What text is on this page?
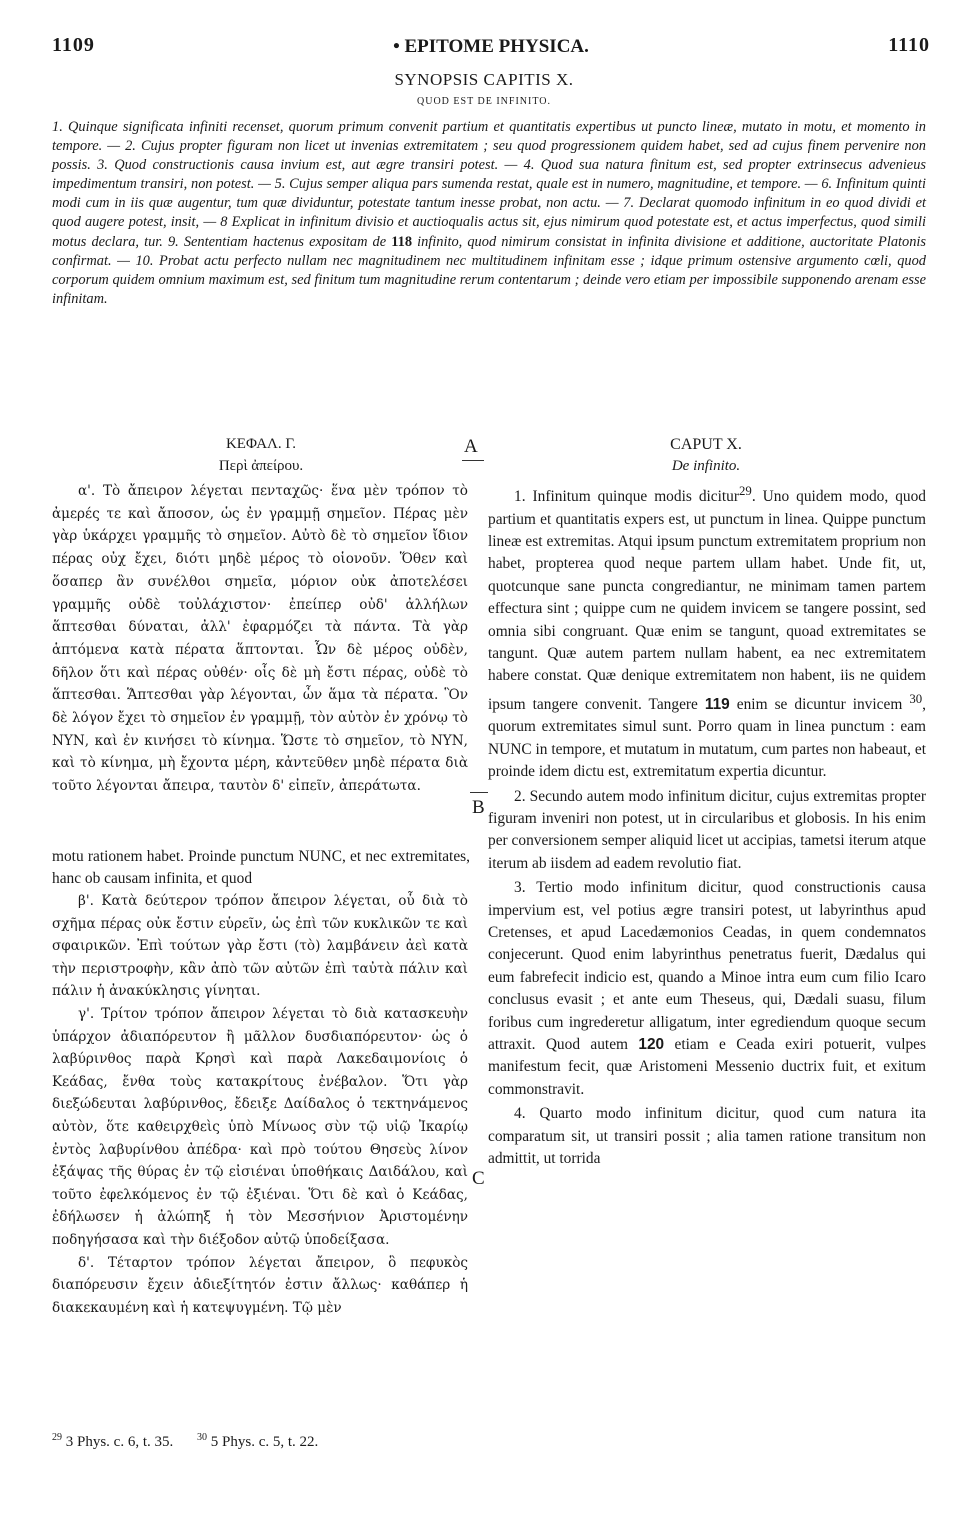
1109	• EPITOME PHYSICA.	1110
SYNOPSIS CAPITIS X.
QUOD EST DE INFINITO.
1. Quinque significata infiniti recenset, quorum primum convenit partium et quantitatis expertibus ut puncto lineæ, mutato in motu, et momento in tempore. — 2. Cujus propter figuram non licet ut invenias extremitatem ; seu quod progressionem quidem habet, sed ad cujus finem pervenire non possis. 3. Quod constructionis causa invium est, aut ægre transiri potest. — 4. Quod sua natura finitum est, sed propter extrinsecus advenieus impedimentum transiri, non potest. — 5. Cujus semper aliqua pars sumenda restat, quale est in numero, magnitudine, et tempore. — 6. Infinitum quinti modi cum in iis quæ augentur, tum quæ dividuntur, potestate tantum inesse probat, non actu. — 7. Declarat quomodo infinitum in eo quod dividi et quod augere potest, insit, — 8 Explicat in infinitum divisio et auctioqualis actus sit, ejus nimirum quod potestate est, et actus imperfectus, quod simili motus declara, tur. 9. Sententiam hactenus expositam de 118 infinito, quod nimirum consistat in infinita divisione et additione, auctoritate Platonis confirmat. — 10. Probat actu perfecto nullam nec magnitudinem nec multitudinem infinitam esse ; idque primum ostensive argumento cœli, quod corporum quidem omnium maximum est, sed finitum tum magnitudine rerum contentarum ; deinde vero etiam per impossibile supponendo arenam esse infinitam.
ΚΕΦΑΛ. Γ.
Περὶ ἀπείρου.
CAPUT X.
De infinito.
A
B
C

α'. Τὸ ἄπειρον λέγεται πενταχῶς· ἕνα μὲν τρόπον τὸ ἀμερές τε καὶ ἄποσον, ὡς ἐν γραμμῇ σημεῖον. Πέρας μὲν γὰρ ὑκάρχει γραμμῆς τὸ σημεῖον. Αὐτὸ δὲ τὸ σημεῖον ἴδιον πέρας οὐχ ἔχει, διότι μηδὲ μέρος τὸ οἱονοῦν. Ὅθεν καὶ ὅσαπερ ἂν συνέλθοι σημεῖα, μόριον οὐκ ἀποτελέσει γραμμῆς οὐδὲ τοὐλάχιστον· ἐπείπερ οὐδ' ἀλλήλων ἅπτεσθαι δύναται, ἀλλ' ἐφαρμόζει τὰ πάντα. Τὰ γὰρ ἁπτόμενα κατὰ πέρατα ἅπτονται. Ὧν δὲ μέρος οὐδὲν, δῆλον ὅτι καὶ πέρας οὐθέν· οἷς δὲ μὴ ἔστι πέρας, οὐδὲ τὸ ἅπτεσθαι. Ἅπτεσθαι γὰρ λέγονται, ὧν ἅμα τὰ πέρατα. Ὃν δὲ λόγον ἔχει τὸ σημεῖον ἐν γραμμῇ, τὸν αὐτὸν ἐν χρόνῳ τὸ ΝΥΝ, καὶ ἐν κινήσει τὸ κίνημα. Ὥστε τὸ σημεῖον, τὸ ΝΥΝ, καὶ τὸ κίνημα, μὴ ἔχοντα μέρη, κἀντεῦθεν μηδὲ πέρατα διὰ τοῦτο λέγονται ἄπειρα, ταυτὸν δ' εἰπεῖν, ἀπεράτωτα.

motu rationem habet. Proinde punctum NUNC, et nec extremitates, hanc ob causam infinita, et quod

β'. Κατὰ δεύτερον τρόπον ἄπειρον λέγεται, οὗ διὰ τὸ σχῆμα πέρας οὐκ ἔστιν εὑρεῖν, ὡς ἐπὶ τῶν κυκλικῶν τε καὶ σφαιρικῶν. Ἐπὶ τούτων γὰρ ἔστι (τὸ) λαμβάνειν ἀεὶ κατὰ τὴν περιστροφὴν, κἂν ἀπὸ τῶν αὐτῶν ἐπὶ ταὐτὰ πάλιν καὶ πάλιν ἡ ἀνακύκλησις γίνηται.

γ'. Τρίτον τρόπον ἄπειρον λέγεται τὸ διὰ κατασκευὴν ὑπάρχον ἀδιαπόρευτον ἢ μᾶλλον δυσδιαπόρευτον· ὡς ὁ λαβύρινθος παρὰ Κρησὶ καὶ παρὰ Λακεδαιμονίοις ὁ Κεάδας, ἔνθα τοὺς κατακρίτους ἐνέβαλον. Ὅτι γὰρ διεξώδευται λαβύρινθος, ἔδειξε Δαίδαλος ὁ τεκτηνάμενος αὐτὸν, ὅτε καθειρχθεὶς ὑπὸ Μίνωος σὺν τῷ υἱῷ Ἰκαρίῳ ἐντὸς λαβυρίνθου ἀπέδρα· καὶ πρὸ τούτου Θησεὺς λίνον ἐξάψας τῆς θύρας ἐν τῷ εἰσιέναι ὑποθήκαις Δαιδάλου, καὶ τοῦτο ἐφελκόμενος ἐν τῷ ἐξιέναι. Ὅτι δὲ καὶ ὁ Κεάδας, ἐδήλωσεν ἡ ἀλώπηξ ἡ τὸν Μεσσήνιον Ἀριστομένην ποδηγήσασα καὶ τὴν διέξοδον αὐτῷ ὑποδείξασα.

δ'. Τέταρτον τρόπον λέγεται ἄπειρον, ὃ πεφυκὸς διαπόρευσιν ἔχειν ἀδιεξίτητόν ἐστιν ἄλλως· καθάπερ ἡ διακεκαυμένη καὶ ἡ κατεψυγμένη. Τῷ μὲν

1. Infinitum quinque modis dicitur$^{29}$. Uno quidem modo, quod partium et quantitatis expers est, ut punctum in linea. Quippe punctum lineæ est extremitas. Atqui ipsum punctum extremitatem proprium non habet, propterea quod neque partem ullam habet. Unde fit, ut, quotcunque sane puncta congrediantur, ne minimam tamen partem effectura sint ; quippe cum ne quidem invicem se tangere possint, sed omnia sibi congruant. Quæ enim se tangunt, quoad extremitates se tangunt. Quæ autem partem nullam habent, ea nec extremitatem habere constat. Quæ denique extremitatem non habent, iis ne quidem ipsum tangere convenit. Tangere 119 enim se dicuntur invicem $^{30}$, quorum extremitates simul sunt. Porro quam in linea punctum : eam NUNC in tempore, et mutatum in mutatum, cum partes non habeaut, et proinde idem dictu est, extremitatum expertia dicuntur.

2. Secundo autem modo infinitum dicitur, cujus extremitas propter figuram inveniri non potest, ut in circularibus et globosis. In his enim per conversionem semper aliquid licet ut accipias, tametsi iterum atque iterum ab iisdem ad eadem revolutio fiat.

3. Tertio modo infinitum dicitur, quod constructionis causa impervium est, vel potius ægre transiri potest, ut labyrinthus apud Cretenses, et apud Lacedæmonios Ceadas, in quem condemnatos conjecerunt. Quod enim labyrinthus penetratus fuerit, Dædalus qui eum fabrefecit indicio est, quando a Minoe intra eum cum filio Icaro conclusus evasit ; et ante eum Theseus, qui, Dædali suasu, filum foribus cum ingrederetur alligatum, inter egrediendum quoque secum attraxit. Quod autem 120 etiam e Ceada exiri potuerit, vulpes manifestum fecit, quæ Aristomeni Messenio ductrix fuit, et exitum commonstravit.

4. Quarto modo infinitum dicitur, quod cum natura ita comparatum sit, ut transiri possit ; alia tamen ratione transitum non admittit, ut torrida

$^{29}$ 3 Phys. c. 6, t. 35. $^{30}$ 5 Phys. c. 5, t. 22.
